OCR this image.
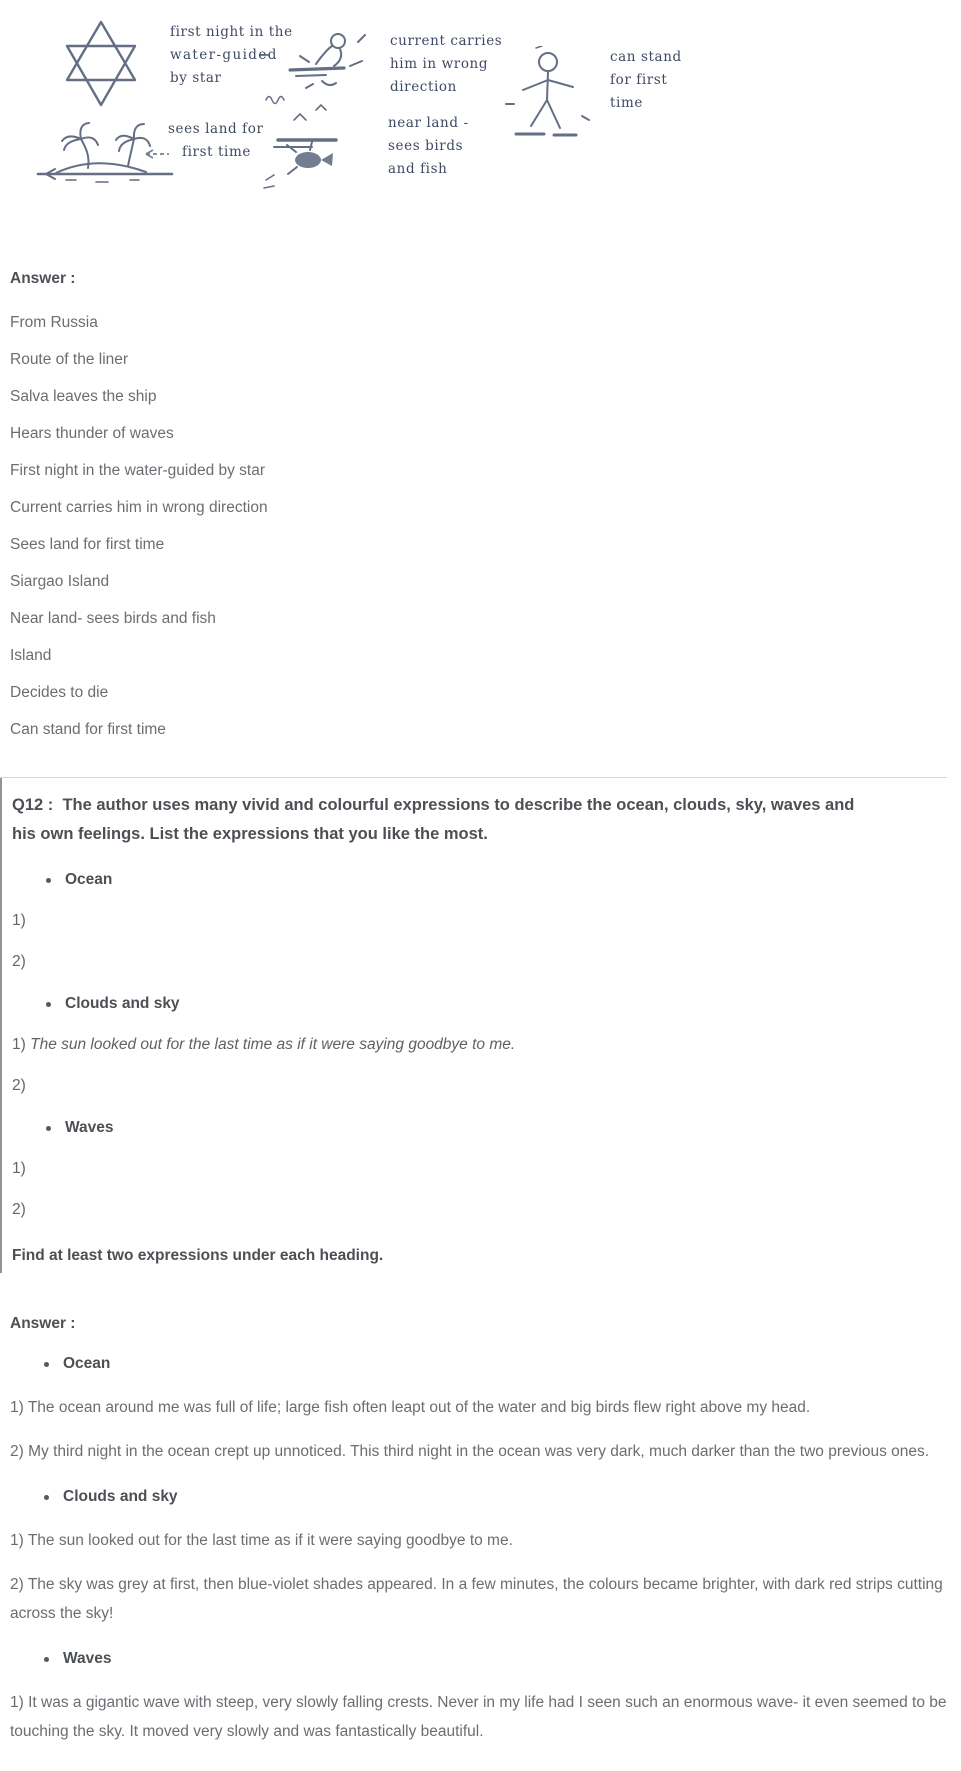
first night in the
water-guided
by star
current carries
him in wrong
direction
can stand
for first
time
sees land for
first time
near land -
sees birds
and fish
Answer :

From Russia

Route of the liner

Salva leaves the ship

Hears thunder of waves

First night in the water-guided by star

Current carries him in wrong direction

Sees land for first time

Siargao Island

Near land- sees birds and fish

Island

Decides to die

Can stand for first time

Q12 : The author uses many vivid and colourful expressions to describe the ocean, clouds, sky, waves and his own feelings. List the expressions that you like the most.

Ocean
1)
2)
Clouds and sky
1) The sun looked out for the last time as if it were saying goodbye to me.
2)
Waves
1)
2)
Find at least two expressions under each heading.
Answer :
Ocean

1) The ocean around me was full of life; large fish often leapt out of the water and big birds flew right above my head.

2) My third night in the ocean crept up unnoticed. This third night in the ocean was very dark, much darker than the two previous ones.

Clouds and sky

1) The sun looked out for the last time as if it were saying goodbye to me.

2) The sky was grey at first, then blue-violet shades appeared. In a few minutes, the colours became brighter, with dark red strips cutting across the sky!

Waves

1) It was a gigantic wave with steep, very slowly falling crests. Never in my life had I seen such an enormous wave- it even seemed to be touching the sky. It moved very slowly and was fantastically beautiful.
